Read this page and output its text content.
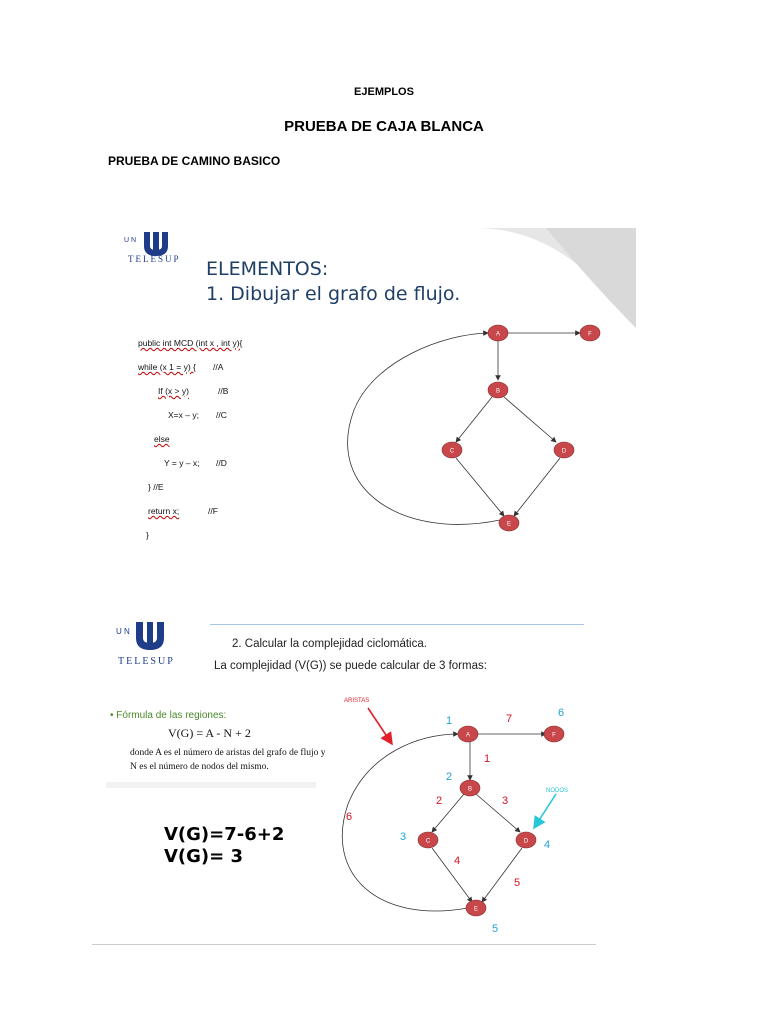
EJEMPLOS
PRUEBA DE CAJA BLANCA
PRUEBA DE CAMINO BASICO
U N
TELESUP ELEMENTOS:
1. Dibujar el grafo de flujo.
public int MCD (int x , int y){
while (x 1 = y) { //A
If (x > y)	//B
X=x – y; //C
else
Y = y – x; //D
} //E
return x;	//F
}
A	F
B
C	D
E
U N
TELESUP
2. Calcular la complejidad ciclomática.
La complejidad (V(G)) se puede calcular de 3 formas:
• Fórmula de las regiones:
V(G) = A - N + 2
donde A es el número de aristas del grafo de flujo y
N es el número de nodos del mismo.
V(G)=7-6+2
V(G)= 3
A	F
B
C	D
E
ARISTAS
NODOS
1
2	3
4
5
6
7
1
2
3
4
5
6
